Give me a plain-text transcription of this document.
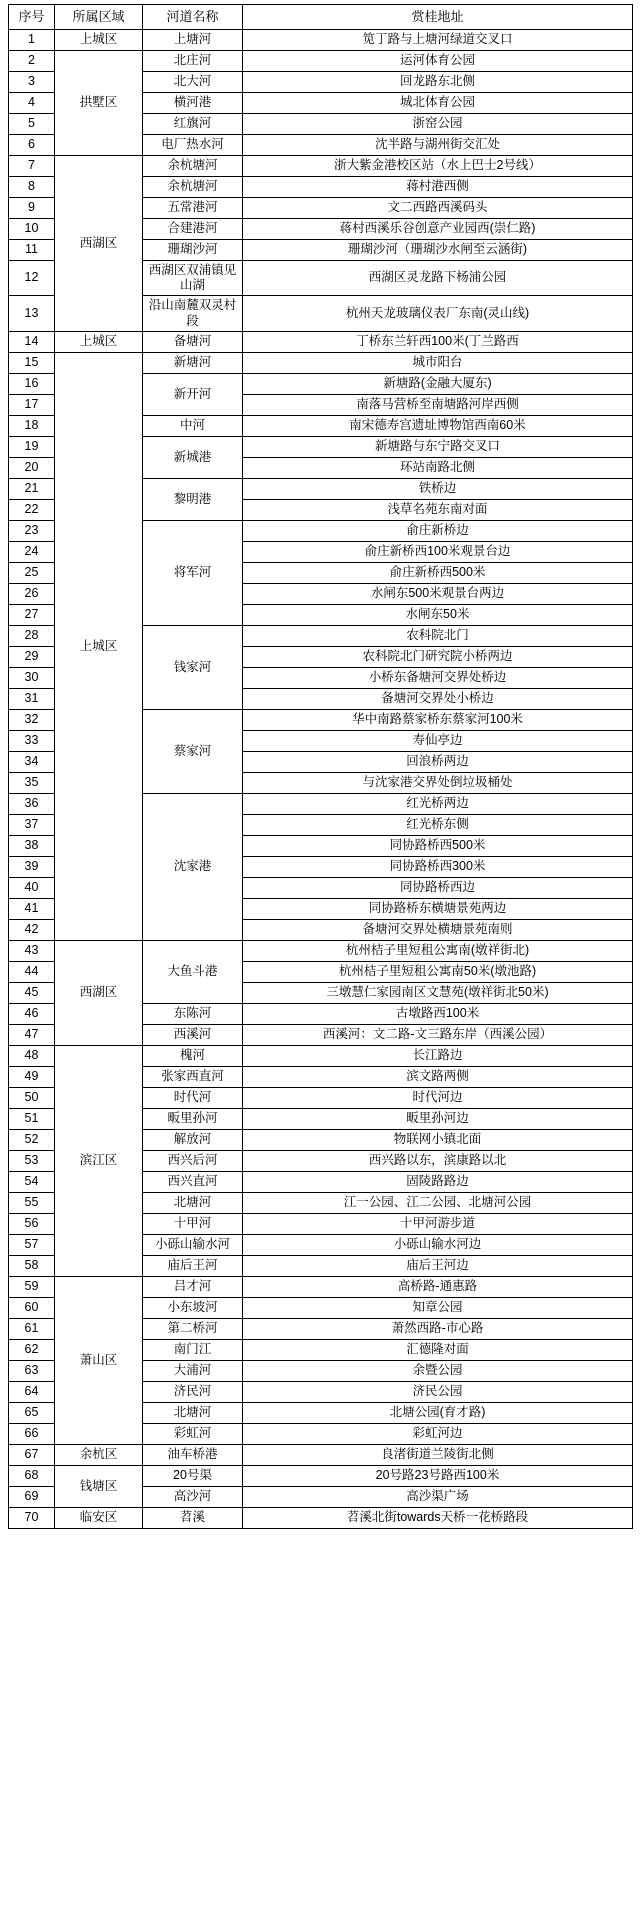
序号	所属区域	河道名称	赏桂地址
1	上城区	上塘河	笕丁路与上塘河绿道交叉口
2	拱墅区	北庄河	运河体育公园
3		北大河	回龙路东北侧
4		横河港	城北体育公园
5		红旗河	浙窑公园
6		电厂热水河	沈半路与湖州街交汇处
7	西湖区	余杭塘河	浙大紫金港校区站（水上巴士2号线）
8		余杭塘河	蒋村港西侧
9		五常港河	文二西路西溪码头
10		合建港河	蒋村西溪乐谷创意产业园西(崇仁路)
11		珊瑚沙河	珊瑚沙河（珊瑚沙水闸至云涵街)
12		西湖区双浦镇见山湖	西湖区灵龙路下杨浦公园
13		沿山南麓双灵村段	杭州天龙玻璃仪表厂东南(灵山线)
14	上城区	备塘河	丁桥东兰轩西100米(丁兰路西
15	上城区	新塘河	城市阳台
16		新开河	新塘路(金融大厦东)
17			南落马营桥至南塘路河岸西侧
18		中河	南宋德寿宫遗址博物馆西南60米
19		新城港	新塘路与东宁路交叉口
20			环站南路北侧
21		黎明港	铁桥边
22			浅草名苑东南对面
23		将军河	俞庄新桥边
24			俞庄新桥西100米观景台边
25			俞庄新桥西500米
26			水闸东500米观景台两边
27			水闸东50米
28		钱家河	农科院北门
29			农科院北门研究院小桥两边
30			小桥东备塘河交界处桥边
31			备塘河交界处小桥边
32		蔡家河	华中南路蔡家桥东蔡家河100米
33			寿仙亭边
34			回浪桥两边
35			与沈家港交界处倒垃圾桶处
36		沈家港	红光桥两边
37			红光桥东侧
38			同协路桥西500米
39			同协路桥西300米
40			同协路桥西边
41			同协路桥东横塘景苑两边
42			备塘河交界处横塘景苑南则
43	西湖区	大鱼斗港	杭州桔子里短租公寓南(墩祥街北)
44			杭州桔子里短租公寓南50米(墩池路)
45			三墩慧仁家园南区文慧苑(墩祥街北50米)
46		东陈河	古墩路西100米
47		西溪河	西溪河：文二路-文三路东岸（西溪公园）
48	滨江区	槐河	长江路边
49		张家西直河	滨文路两侧
50		时代河	时代河边
51		畈里孙河	畈里孙河边
52		解放河	物联网小镇北面
53		西兴后河	西兴路以东，滨康路以北
54		西兴直河	固陵路路边
55		北塘河	江一公园、江二公园、北塘河公园
56		十甲河	十甲河游步道
57		小砾山输水河	小砾山输水河边
58		庙后王河	庙后王河边
59	萧山区	吕才河	高桥路-通惠路
60		小东坡河	知章公园
61		第二桥河	萧然西路-市心路
62		南门江	汇德隆对面
63		大浦河	余暨公园
64		济民河	济民公园
65		北塘河	北塘公园(育才路)
66		彩虹河	彩虹河边
67	余杭区	油车桥港	良渚街道兰陵街北侧
68	钱塘区	20号渠	20号路23号路西100米
69		高沙河	高沙渠广场
70	临安区	苕溪	苕溪北街towards天桥一花桥路段
